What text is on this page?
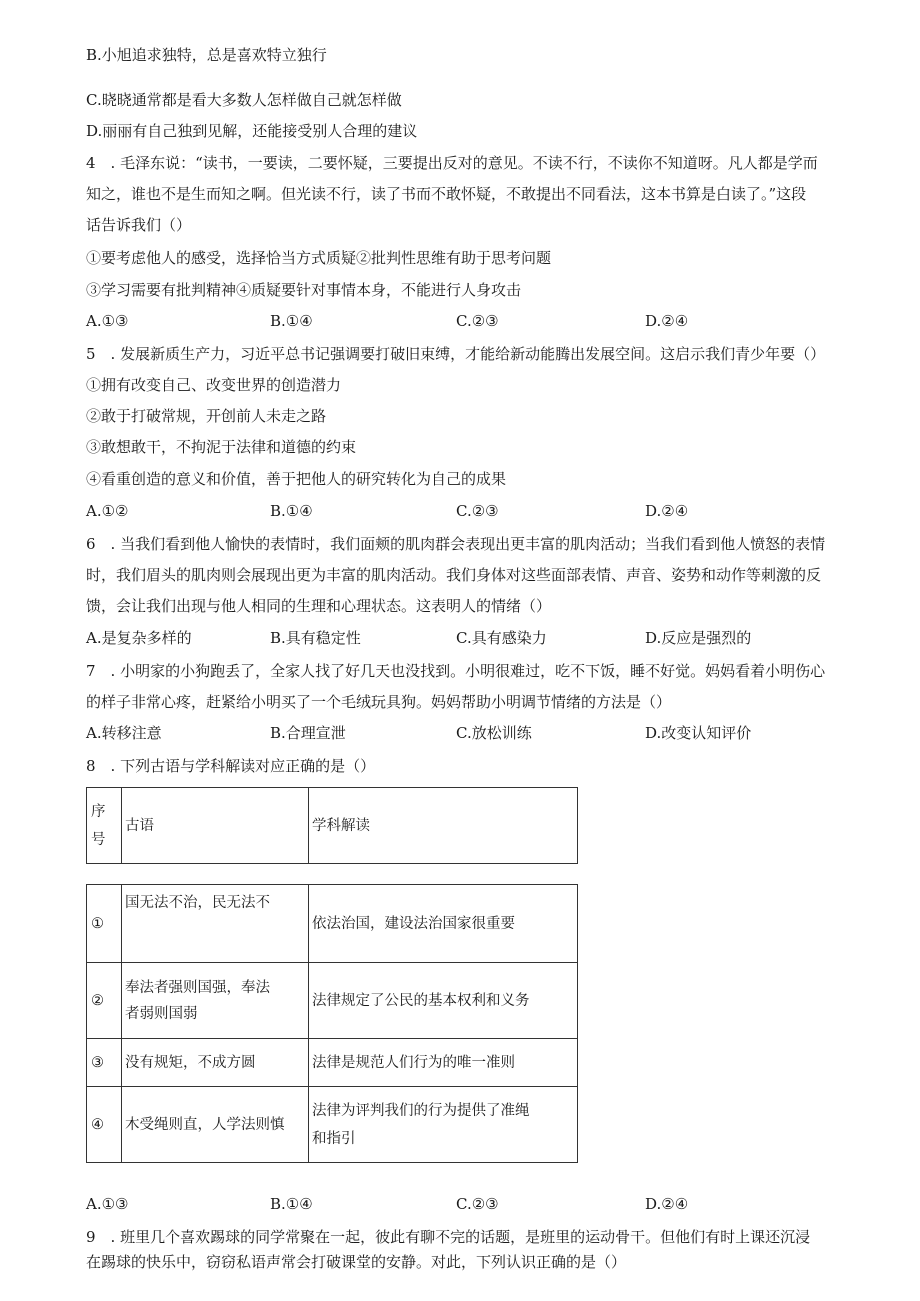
B.小旭追求独特，总是喜欢特立独行
C.晓晓通常都是看大多数人怎样做自己就怎样做
D.丽丽有自己独到见解，还能接受别人合理的建议
4　. 毛泽东说：“读书，一要读，二要怀疑，三要提出反对的意见。不读不行，不读你不知道呀。凡人都是学而
知之，谁也不是生而知之啊。但光读不行，读了书而不敢怀疑，不敢提出不同看法，这本书算是白读了。”这段
话告诉我们（）
①要考虑他人的感受，选择恰当方式质疑②批判性思维有助于思考问题
③学习需要有批判精神④质疑要针对事情本身，不能进行人身攻击
A.①③	B.①④	C.②③	D.②④
5　. 发展新质生产力，习近平总书记强调要打破旧束缚，才能给新动能腾出发展空间。这启示我们青少年要（）
①拥有改变自己、改变世界的创造潜力
②敢于打破常规，开创前人未走之路
③敢想敢干，不拘泥于法律和道德的约束
④看重创造的意义和价值，善于把他人的研究转化为自己的成果
A.①②	B.①④	C.②③	D.②④
6　. 当我们看到他人愉快的表情时，我们面颊的肌肉群会表现出更丰富的肌肉活动；当我们看到他人愤怒的表情
时，我们眉头的肌肉则会展现出更为丰富的肌肉活动。我们身体对这些面部表情、声音、姿势和动作等刺激的反
馈，会让我们出现与他人相同的生理和心理状态。这表明人的情绪（）
A.是复杂多样的	B.具有稳定性	C.具有感染力	D.反应是强烈的
7　. 小明家的小狗跑丢了，全家人找了好几天也没找到。小明很难过，吃不下饭，睡不好觉。妈妈看着小明伤心
的样子非常心疼，赶紧给小明买了一个毛绒玩具狗。妈妈帮助小明调节情绪的方法是（）
A.转移注意	B.合理宣泄	C.放松训练	D.改变认知评价
8　. 下列古语与学科解读对应正确的是（）
序
号
	古语	学科解读
①	国无法不治，民无法不	依法治国，建设法治国家很重要

②	奉法者强则国强，奉法
者弱则国弱	法律规定了公民的基本权利和义务

③	没有规矩，不成方圆	法律是规范人们行为的唯一准则

④	木受绳则直，人学法则慎	法律为评判我们的行为提供了准绳
和指引
A.①③	B.①④	C.②③	D.②④
9　. 班里几个喜欢踢球的同学常聚在一起，彼此有聊不完的话题，是班里的运动骨干。但他们有时上课还沉浸
在踢球的快乐中，窃窃私语声常会打破课堂的安静。对此，下列认识正确的是（）
